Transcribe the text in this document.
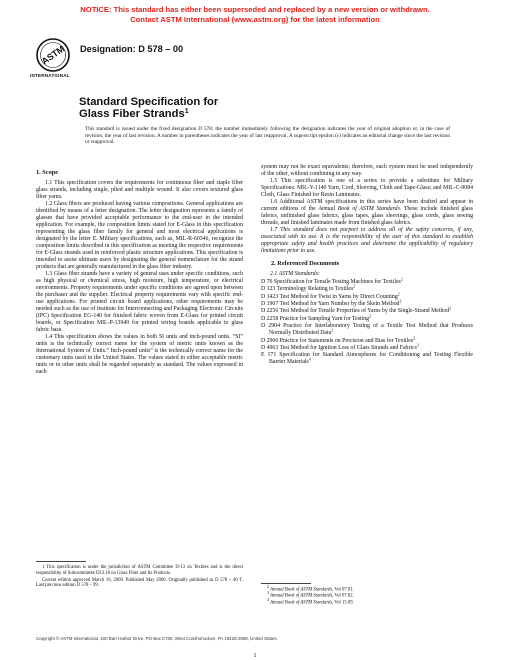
NOTICE: This standard has either been superseded and replaced by a new version or withdrawn.
Contact ASTM International (www.astm.org) for the latest information
ASTM
INTERNATIONAL
Designation: D 578 – 00
Standard Specification for
Glass Fiber Strands$^1$
This standard is issued under the fixed designation D 578; the number immediately following the designation indicates the year of original adoption or, in the case of revision, the year of last revision. A number in parentheses indicates the year of last reapproval. A superscript epsilon (ε) indicates an editorial change since the last revision or reapproval.
1. Scope

1.1 This specification covers the requirements for continuous fiber and staple fiber glass strands, including single, plied and multiple wound. It also covers textured glass fiber yarns.

1.2 Glass fibers are produced having various compositions. General applications are identified by means of a letter designation. The letter designation represents a family of glasses that have provided acceptable performance to the end-user in the intended application. For example, the composition limits stated for E-Glass in this specification representing the glass fiber family for general and most electrical applications is designated by the letter E. Military specifications, such as, MIL-R-60346, recognize the composition limits described in this specification as meeting the respective requirements for E-Glass strands used in reinforced plastic structure applications. This specification is intended to assist ultimate users by designating the general nomenclature for the strand products that are generally manufactured in the glass fiber industry.

1.3 Glass fiber strands have a variety of general uses under specific conditions, such as high physical or chemical stress, high moisture, high temperature, or electrical environments. Property requirements under specific conditions are agreed upon between the purchaser and the supplier. Electrical property requirements vary with specific end-use applications. For printed circuit board applications, other requirements may be needed such as the use of Institute for Interconnecting and Packaging Electronic Circuits (IPC) Specification EG-140 for finished fabric woven from E-Glass for printed circuit boards, or Specification MIL-P-13949 for printed wiring boards applicable to glass fabric base.

1.4 This specification shows the values in both SI units and inch-pound units. “SI” units is the technically correct name for the system of metric units known as the International System of Units.“ Inch-pound units” is the technically correct name for the customary units used in the United States. The values stated in either acceptable metric units or in other units shall be regarded separately as standard. The values expressed in each

1 This specification is under the jurisdiction of ASTM Committee D-13 on Textiles and is the direct responsibility of Subcommittee D13.18 on Glass Fiber and Its Products.

Current edition approved March 10, 2000. Published May 2000. Originally published as D 578 – 40 T. Last previous edition D 578 – 99.

system may not be exact equivalents; therefore, each system must be used independently of the other, without combining in any way.

1.5 This specification is one of a series to provide a substitute for Military Specifications: MIL-Y-1140 Yarn, Cord, Sleeving, Cloth and Tape-Glass; and MIL-C-9084 Cloth, Glass Finished for Resin Laminates.

1.6 Additional ASTM specifications in this series have been drafted and appear in current editions of the Annual Book of ASTM Standards. These include finished glass fabrics, unfinished glass fabrics, glass tapes, glass sleevings, glass cords, glass sewing threads, and finished laminates made from finished glass fabrics.

1.7 This standard does not purport to address all of the safety concerns, if any, associated with its use. It is the responsibility of the user of this standard to establish appropriate safety and health practices and determine the applicability of regulatory limitations prior to use.

2. Referenced Documents

2.1 ASTM Standards:

D 76 Specification for Tensile Testing Machines for Textiles$^2$

D 123 Terminology Relating to Textiles$^2$

D 1423 Test Method for Twist in Yarns by Direct Counting$^2$

D 1907 Test Method for Yarn Number by the Skein Method$^2$

D 2256 Test Method for Tensile Properties of Yarns by the Single-Strand Method$^2$

D 2258 Practice for Sampling Yarn for Testing$^2$

D 2904 Practice for Interlaboratory Testing of a Textile Test Method that Produces Normally Distributed Data$^2$

D 2906 Practice for Statements on Precision and Bias for Textiles$^2$

D 4963 Test Method for Ignition Loss of Glass Strands and Fabrics$^3$

E 171 Specification for Standard Atmospheres for Conditioning and Testing Flexible Barrier Materials$^4$

$^2$ Annual Book of ASTM Standards, Vol 07.01.

$^3$ Annual Book of ASTM Standards, Vol 07.02.

$^4$ Annual Book of ASTM Standards, Vol 15.09.

Copyright © ASTM International, 100 Barr Harbor Drive, PO Box C700, West Conshohocken, PA 19428-2959, United States.
1
